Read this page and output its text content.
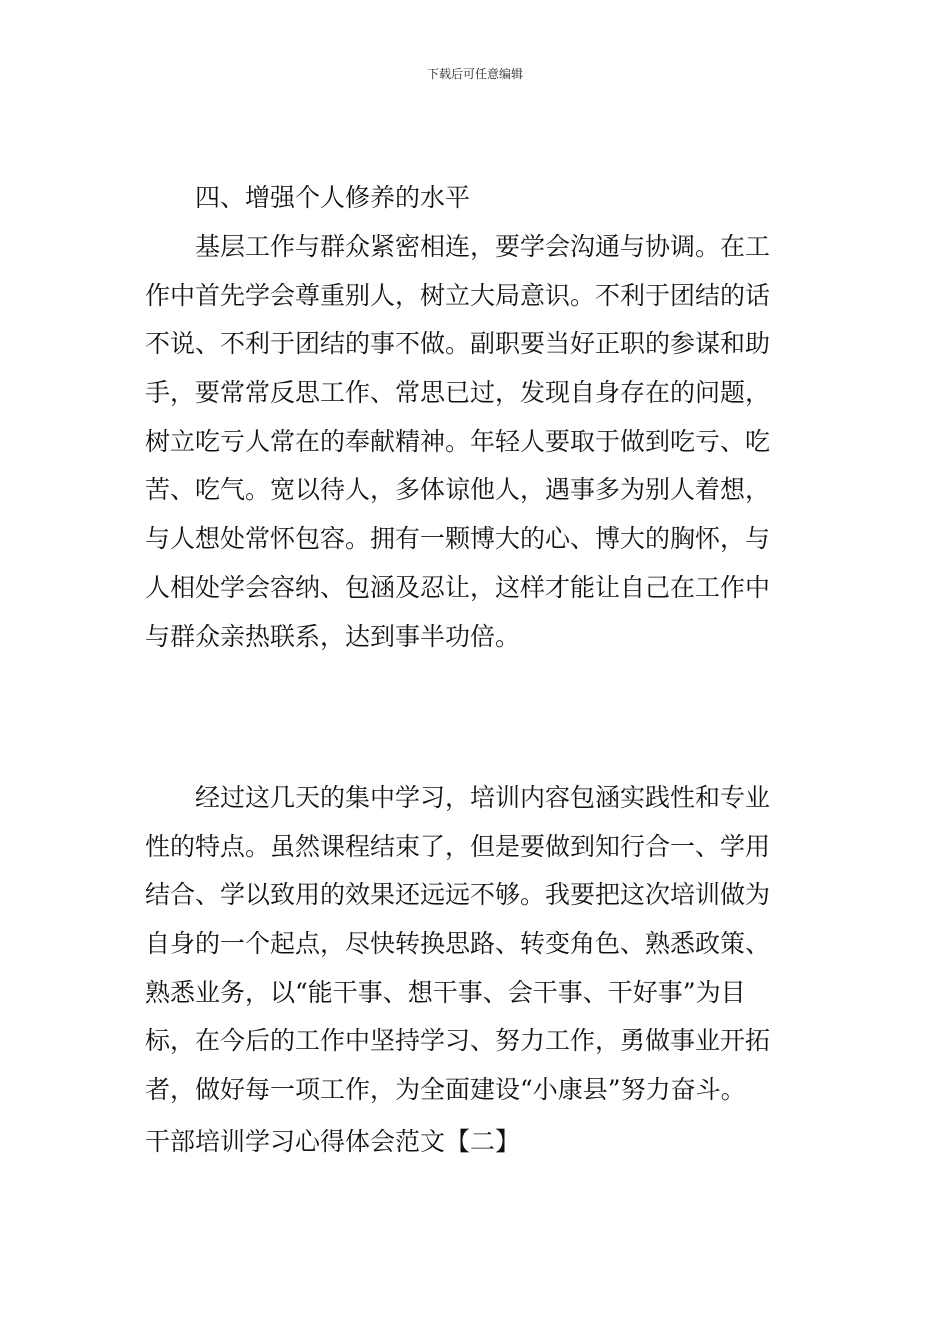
下载后可任意编辑
四、增强个人修养的水平
基层工作与群众紧密相连，要学会沟通与协调。在工
作中首先学会尊重别人，树立大局意识。不利于团结的话
不说、不利于团结的事不做。副职要当好正职的参谋和助
手，要常常反思工作、常思已过，发现自身存在的问题，
树立吃亏人常在的奉献精神。年轻人要取于做到吃亏、吃
苦、吃气。宽以待人，多体谅他人，遇事多为别人着想，
与人想处常怀包容。拥有一颗博大的心、博大的胸怀，与
人相处学会容纳、包涵及忍让，这样才能让自己在工作中
与群众亲热联系，达到事半功倍。
经过这几天的集中学习，培训内容包涵实践性和专业
性的特点。虽然课程结束了，但是要做到知行合一、学用
结合、学以致用的效果还远远不够。我要把这次培训做为
自身的一个起点，尽快转换思路、转变角色、熟悉政策、
熟悉业务，以“能干事、想干事、会干事、干好事”为目
标，在今后的工作中坚持学习、努力工作，勇做事业开拓
者，做好每一项工作，为全面建设“小康县”努力奋斗。
干部培训学习心得体会范文【二】
